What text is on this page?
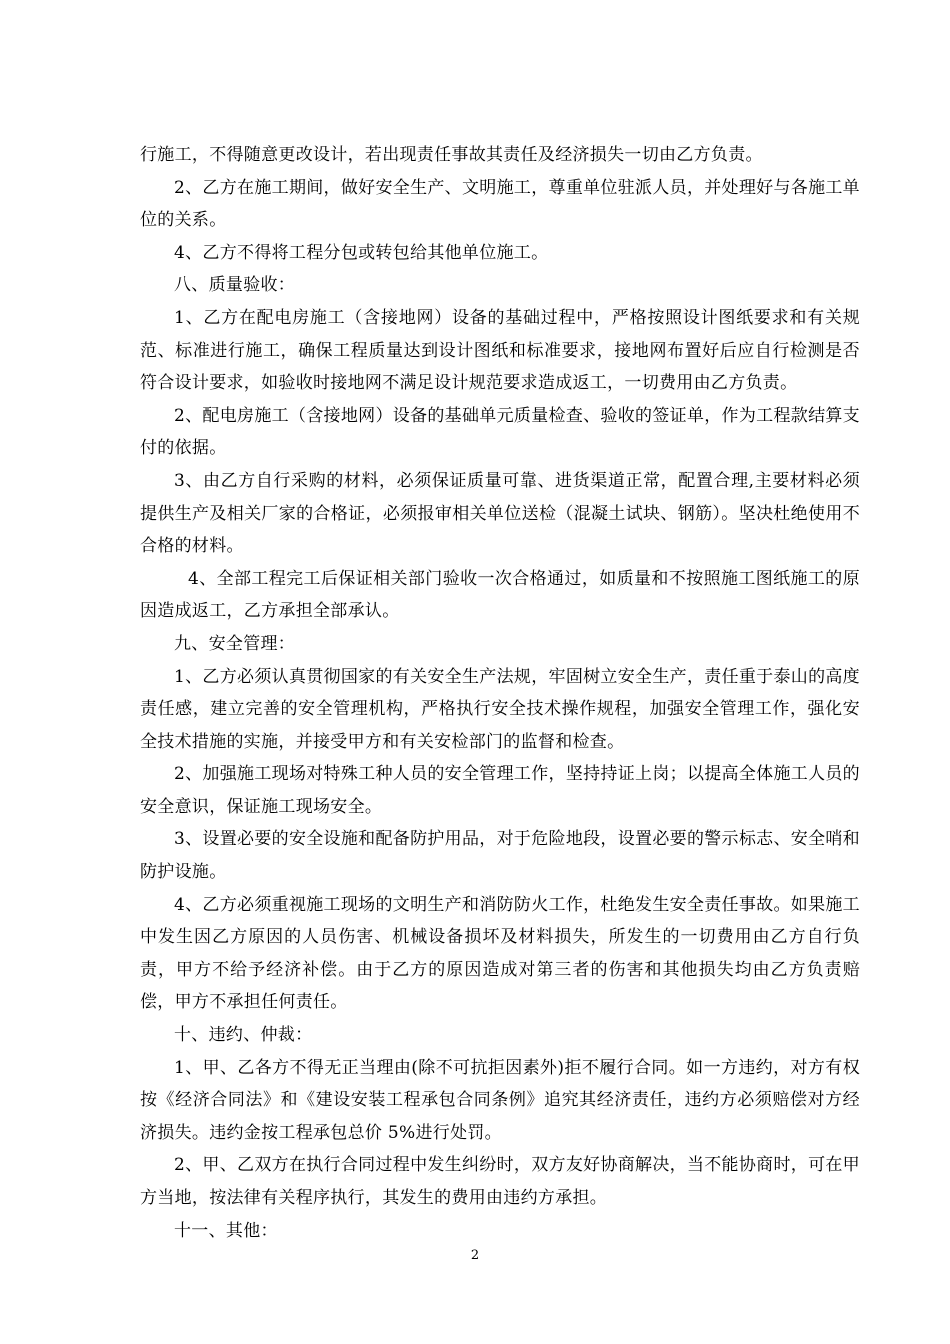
行施工，不得随意更改设计，若出现责任事故其责任及经济损失一切由乙方负责。

2、乙方在施工期间，做好安全生产、文明施工，尊重单位驻派人员，并处理好与各施工单位的关系。

4、乙方不得将工程分包或转包给其他单位施工。

八、质量验收：

1、乙方在配电房施工（含接地网）设备的基础过程中，严格按照设计图纸要求和有关规范、标准进行施工，确保工程质量达到设计图纸和标准要求，接地网布置好后应自行检测是否符合设计要求，如验收时接地网不满足设计规范要求造成返工，一切费用由乙方负责。

2、配电房施工（含接地网）设备的基础单元质量检查、验收的签证单，作为工程款结算支付的依据。

3、由乙方自行采购的材料，必须保证质量可靠、进货渠道正常，配置合理,主要材料必须提供生产及相关厂家的合格证，必须报审相关单位送检（混凝土试块、钢筋）。坚决杜绝使用不合格的材料。

4、全部工程完工后保证相关部门验收一次合格通过，如质量和不按照施工图纸施工的原因造成返工，乙方承担全部承认。

九、安全管理：

1、乙方必须认真贯彻国家的有关安全生产法规，牢固树立安全生产，责任重于泰山的高度责任感，建立完善的安全管理机构，严格执行安全技术操作规程，加强安全管理工作，强化安全技术措施的实施，并接受甲方和有关安检部门的监督和检查。

2、加强施工现场对特殊工种人员的安全管理工作，坚持持证上岗；以提高全体施工人员的安全意识，保证施工现场安全。

3、设置必要的安全设施和配备防护用品，对于危险地段，设置必要的警示标志、安全哨和防护设施。

4、乙方必须重视施工现场的文明生产和消防防火工作，杜绝发生安全责任事故。如果施工中发生因乙方原因的人员伤害、机械设备损坏及材料损失，所发生的一切费用由乙方自行负责，甲方不给予经济补偿。由于乙方的原因造成对第三者的伤害和其他损失均由乙方负责赔偿，甲方不承担任何责任。

十、违约、仲裁：

1、甲、乙各方不得无正当理由(除不可抗拒因素外)拒不履行合同。如一方违约，对方有权按《经济合同法》和《建设安装工程承包合同条例》追究其经济责任，违约方必须赔偿对方经济损失。违约金按工程承包总价 5%进行处罚。

2、甲、乙双方在执行合同过程中发生纠纷时，双方友好协商解决，当不能协商时，可在甲方当地，按法律有关程序执行，其发生的费用由违约方承担。

十一、其他：

2
